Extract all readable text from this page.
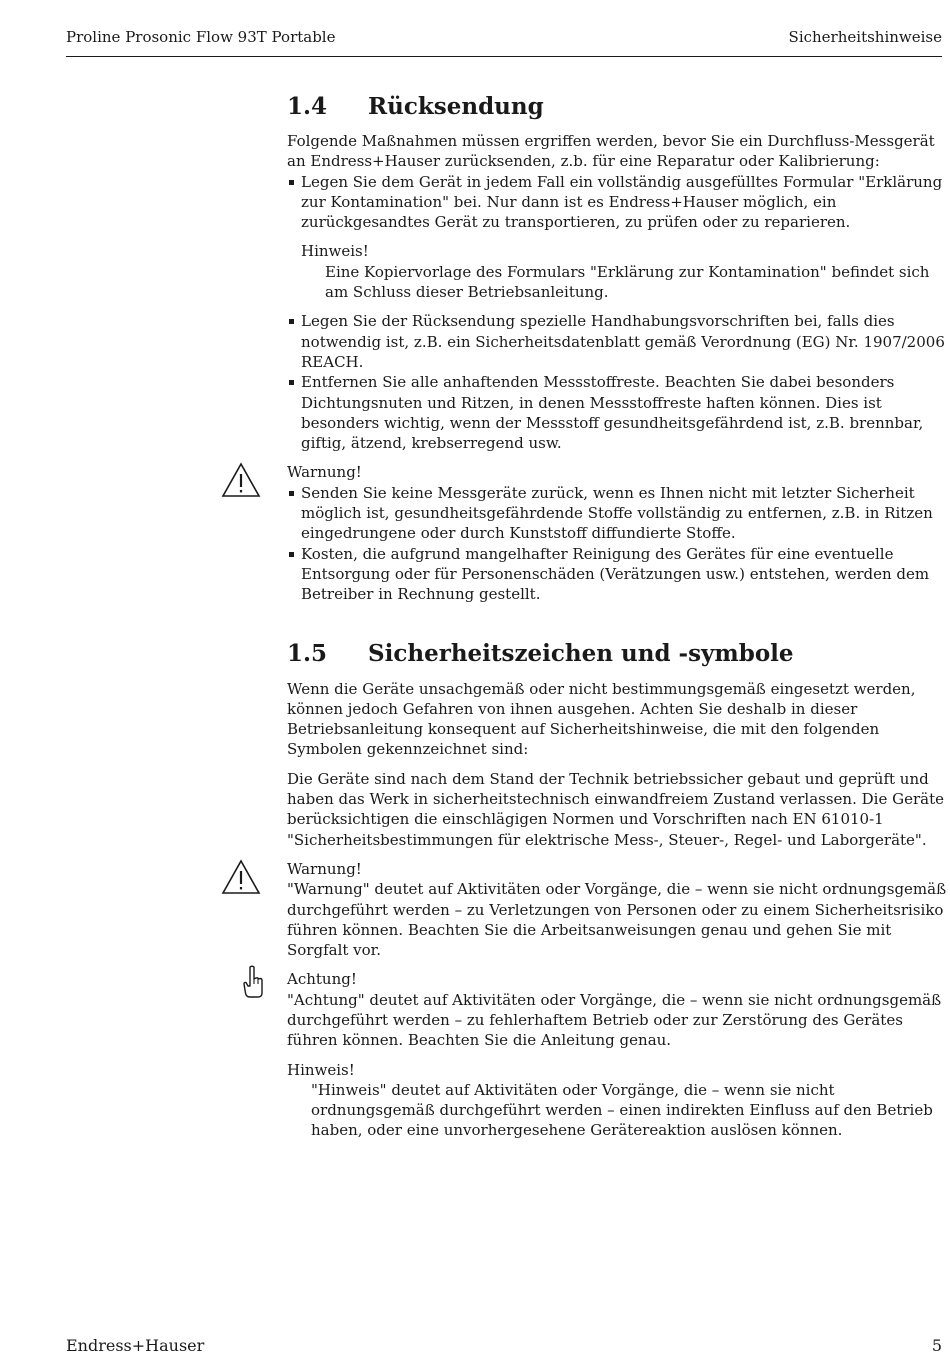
Proline Prosonic Flow 93T Portable	Sicherheitshinweise
1.4 Rücksendung

Folgende Maßnahmen müssen ergriffen werden, bevor Sie ein Durchfluss-Messgerät an Endress+Hauser zurücksenden, z.b. für eine Reparatur oder Kalibrierung:

Legen Sie dem Gerät in jedem Fall ein vollständig ausgefülltes Formular "Erklärung zur Kontamination" bei. Nur dann ist es Endress+Hauser möglich, ein zurückgesandtes Gerät zu transportieren, zu prüfen oder zu reparieren.

Hinweis!

Eine Kopiervorlage des Formulars "Erklärung zur Kontamination" befindet sich am Schluss dieser Betriebsanleitung.

Legen Sie der Rücksendung spezielle Handhabungsvorschriften bei, falls dies notwendig ist, z.B. ein Sicherheitsdatenblatt gemäß Verordnung (EG) Nr. 1907/2006 REACH.
Entfernen Sie alle anhaftenden Messstoffreste. Beachten Sie dabei besonders Dichtungsnuten und Ritzen, in denen Messstoffreste haften können. Dies ist besonders wichtig, wenn der Messstoff gesundheitsgefährdend ist, z.B. brennbar, giftig, ätzend, krebserregend usw.

Warnung!

Senden Sie keine Messgeräte zurück, wenn es Ihnen nicht mit letzter Sicherheit möglich ist, gesundheitsgefährdende Stoffe vollständig zu entfernen, z.B. in Ritzen eingedrungene oder durch Kunststoff diffundierte Stoffe.
Kosten, die aufgrund mangelhafter Reinigung des Gerätes für eine eventuelle Entsorgung oder für Personenschäden (Verätzungen usw.) entstehen, werden dem Betreiber in Rechnung gestellt.
1.5 Sicherheitszeichen und -symbole

Wenn die Geräte unsachgemäß oder nicht bestimmungsgemäß eingesetzt werden, können jedoch Gefahren von ihnen ausgehen. Achten Sie deshalb in dieser Betriebsanleitung konsequent auf Sicherheitshinweise, die mit den folgenden Symbolen gekennzeichnet sind:

Die Geräte sind nach dem Stand der Technik betriebssicher gebaut und geprüft und haben das Werk in sicherheitstechnisch einwandfreiem Zustand verlassen. Die Geräte berücksichtigen die einschlägigen Normen und Vorschriften nach EN 61010-1 "Sicherheitsbestimmungen für elektrische Mess-, Steuer-, Regel- und Laborgeräte".

Warnung!

"Warnung" deutet auf Aktivitäten oder Vorgänge, die – wenn sie nicht ordnungsgemäß durchgeführt werden – zu Verletzungen von Personen oder zu einem Sicherheitsrisiko führen können. Beachten Sie die Arbeitsanweisungen genau und gehen Sie mit Sorgfalt vor.

Achtung!

"Achtung" deutet auf Aktivitäten oder Vorgänge, die – wenn sie nicht ordnungsgemäß durchgeführt werden – zu fehlerhaftem Betrieb oder zur Zerstörung des Gerätes führen können. Beachten Sie die Anleitung genau.

Hinweis!

"Hinweis" deutet auf Aktivitäten oder Vorgänge, die – wenn sie nicht ordnungsgemäß durchgeführt werden – einen indirekten Einfluss auf den Betrieb haben, oder eine unvorhergesehene Gerätereaktion auslösen können.

Endress+Hauser	5
